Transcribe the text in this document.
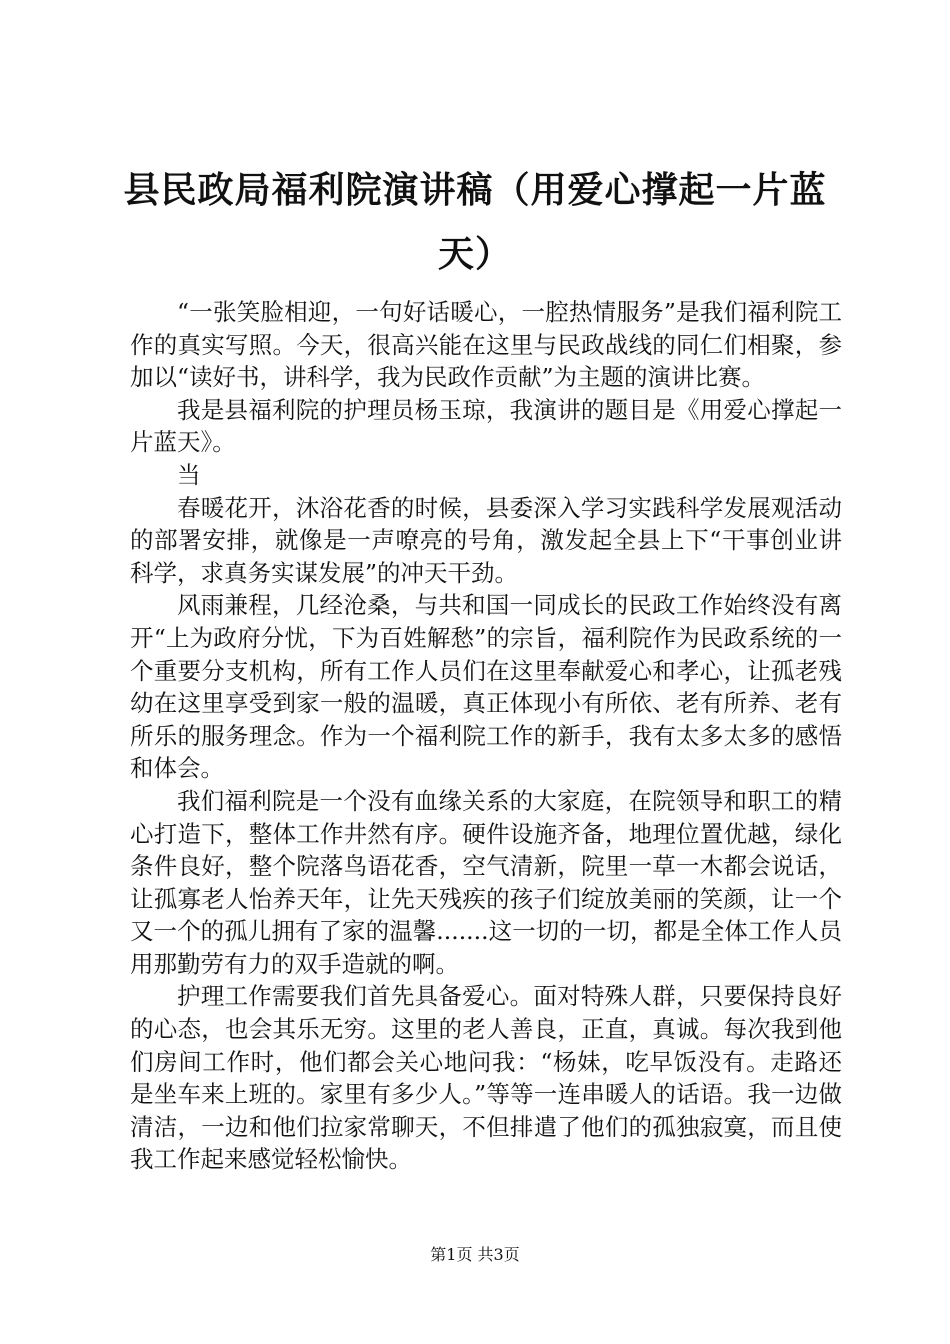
县民政局福利院演讲稿（用爱心撑起一片蓝天）

“一张笑脸相迎，一句好话暖心，一腔热情服务”是我们福利院工作的真实写照。今天，很高兴能在这里与民政战线的同仁们相聚，参加以“读好书，讲科学，我为民政作贡献”为主题的演讲比赛。

我是县福利院的护理员杨玉琼，我演讲的题目是《用爱心撑起一片蓝天》。

当

春暖花开，沐浴花香的时候，县委深入学习实践科学发展观活动的部署安排，就像是一声嘹亮的号角，激发起全县上下“干事创业讲科学，求真务实谋发展”的冲天干劲。

风雨兼程，几经沧桑，与共和国一同成长的民政工作始终没有离开“上为政府分忧，下为百姓解愁”的宗旨，福利院作为民政系统的一个重要分支机构，所有工作人员们在这里奉献爱心和孝心，让孤老残幼在这里享受到家一般的温暖，真正体现小有所依、老有所养、老有所乐的服务理念。作为一个福利院工作的新手，我有太多太多的感悟和体会。

我们福利院是一个没有血缘关系的大家庭，在院领导和职工的精心打造下，整体工作井然有序。硬件设施齐备，地理位置优越，绿化条件良好，整个院落鸟语花香，空气清新，院里一草一木都会说话，让孤寡老人怡养天年，让先天残疾的孩子们绽放美丽的笑颜，让一个又一个的孤儿拥有了家的温馨.......这一切的一切，都是全体工作人员用那勤劳有力的双手造就的啊。

护理工作需要我们首先具备爱心。面对特殊人群，只要保持良好的心态，也会其乐无穷。这里的老人善良，正直，真诚。每次我到他们房间工作时，他们都会关心地问我：“杨妹，吃早饭没有。走路还是坐车来上班的。家里有多少人。”等等一连串暖人的话语。我一边做清洁，一边和他们拉家常聊天，不但排遣了他们的孤独寂寞，而且使我工作起来感觉轻松愉快。

第1页 共3页
